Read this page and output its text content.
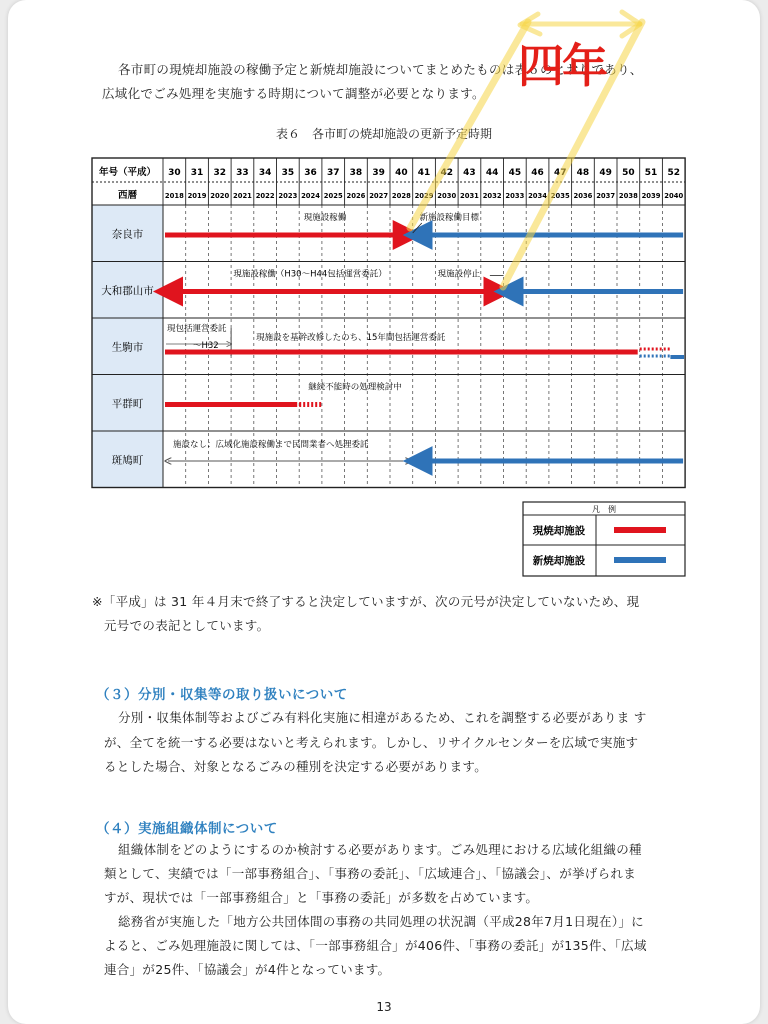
各市町の現焼却施設の稼働予定と新焼却施設についてまとめたものは表６のとおりであり、
広域化でごみ処理を実施する時期について調整が必要となります。
表６　各市町の焼却施設の更新予定時期
年号（平成）
西暦
30 31 32 33 34 35 36 37 38 39 40 41 42 43 44 45 46 47 48 49 50 51 52
2018 2019 2020 2021 2022 2023 2024 2025 2026 2027 2028 2029 2030 2031 2032 2033 2034 2035 2036 2037 2038 2039 2040
奈良市
大和郡山市
生駒市
平群町
斑鳩町
現施設稼働	新施設稼働目標
現施設稼働（H30～H44包括運営委託）	現施設停止
現包括運営委託
～H32
現施設を基幹改修したのち、15年間包括運営委託
継続不能時の処理検討中
施設なし：広域化施設稼働まで民間業者へ処理委託
凡　例
現焼却施設
新焼却施設
※「平成」は 31 年４月末で終了すると決定していますが、次の元号が決定していないため、現
元号での表記としています。
（３）分別・収集等の取り扱いについて
分別・収集体制等およびごみ有料化実施に相違があるため、これを調整する必要がありま す
が、全てを統一する必要はないと考えられます。しかし、リサイクルセンターを広域で実施す
るとした場合、対象となるごみの種別を決定する必要があります。
（４）実施組織体制について
組織体制をどのようにするのか検討する必要があります。ごみ処理における広域化組織の種
類として、実績では「一部事務組合」、「事務の委託」、「広域連合」、「協議会」、が挙げられま
すが、現状では「一部事務組合」と「事務の委託」が多数を占めています。
総務省が実施した「地方公共団体間の事務の共同処理の状況調（平成28年7月1日現在）」に
よると、ごみ処理施設に関しては、「一部事務組合」が406件、「事務の委託」が135件、「広域
連合」が25件、「協議会」が4件となっています。
四年
13
